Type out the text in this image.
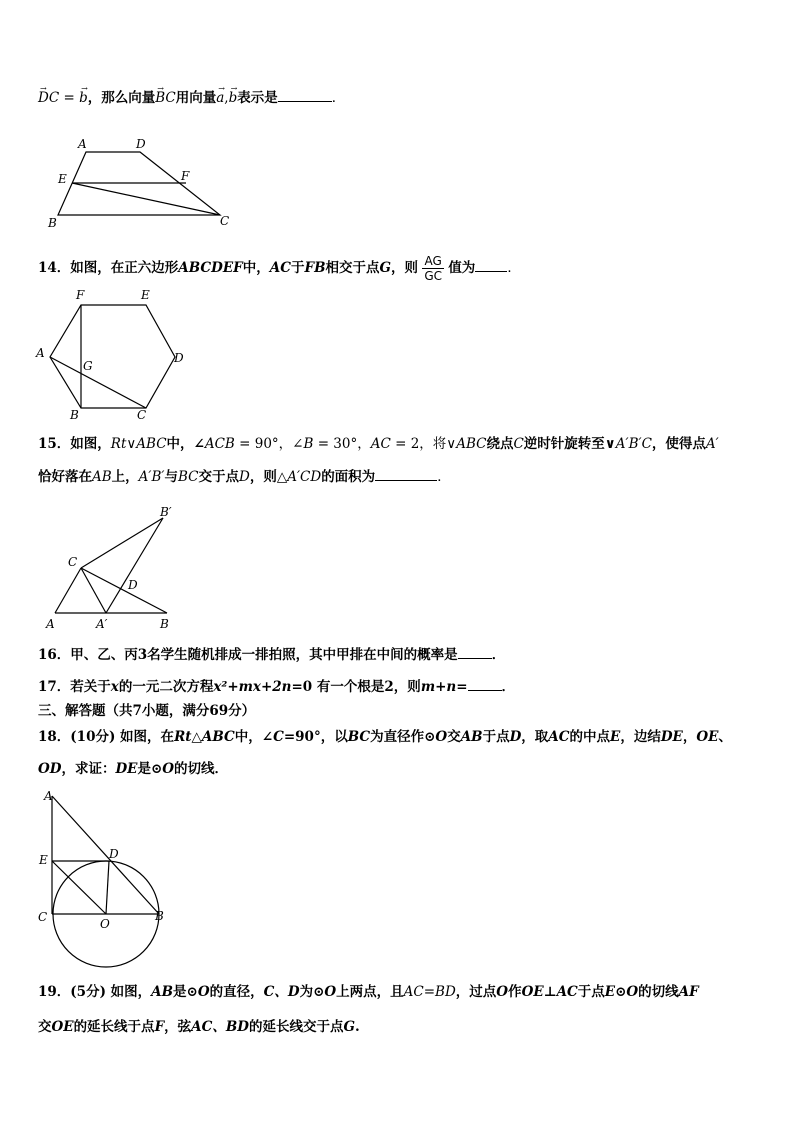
→ DC = → b，那么向量→ BC用向量→ a,→ b表示是	．
A	D
E	F
B	C
14．如图，在正六边形ABCDEF中，AC于FB相交于点G，则 $\frac{AG}{GC}$ 值为 ．
F	E
A
G
D
B	C
15．如图，Rt∨ABC中，∠ACB = 90°，∠B = 30°，AC = 2，将∨ABC绕点C逆时针旋转至∨A′B′C，使得点A′
恰好落在AB上，A′B′与BC交于点D，则△A′CD的面积为	．
B′
C
D
A	A′	B
16．甲、乙、丙3名学生随机排成一排拍照，其中甲排在中间的概率是	．
17．若关于x的一元二次方程x²+mx+2n=0 有一个根是2，则m+n=	．
三、解答题（共7小题，满分69分）
18．(10分) 如图，在Rt△ABC中，∠C=90°，以BC为直径作⊙O交AB于点D，取AC的中点E，边结DE，OE、
OD，求证：DE是⊙O的切线．
A
E	D
C	O
B
19．(5分) 如图，AB是⊙O的直径，C、D为⊙O上两点，且AC=BD，过点O作OE⊥AC于点E⊙O的切线AF
交OE的延长线于点F，弦AC、BD的延长线交于点G.
